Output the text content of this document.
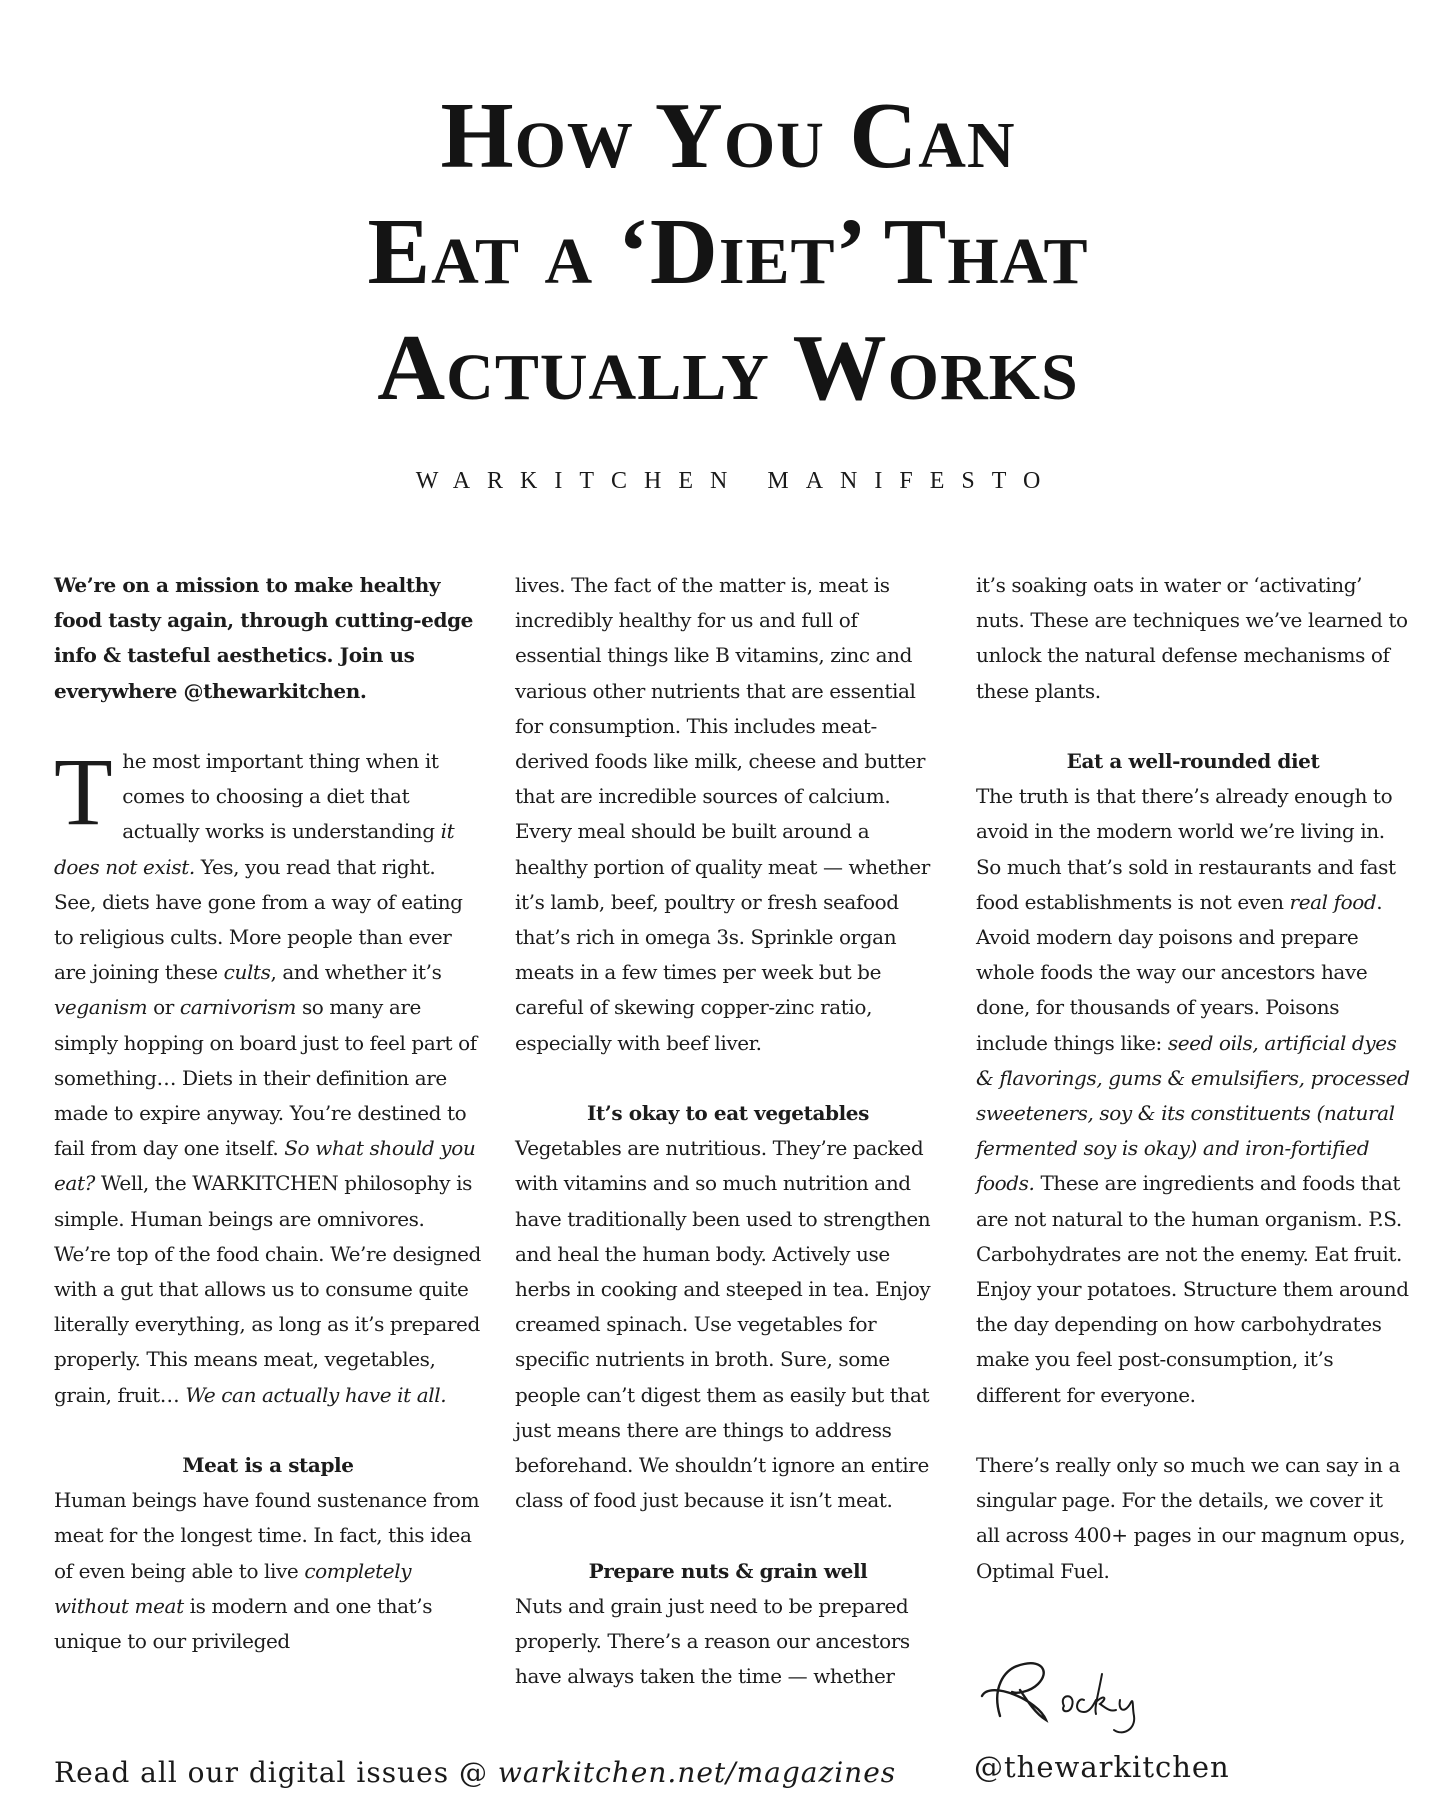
How You Can
Eat a ‘Diet’ That
Actually Works
WARKITCHEN MANIFESTO

We’re on a mission to make healthy food tasty again, through cutting-edge info & tasteful aesthetics. Join us everywhere @thewarkitchen.

The most important thing when it comes to choosing a diet that actually works is understanding it does not exist. Yes, you read that right. See, diets have gone from a way of eating to religious cults. More people than ever are joining these cults, and whether it’s veganism or carnivorism so many are simply hopping on board just to feel part of something… Diets in their definition are made to expire anyway. You’re destined to fail from day one itself. So what should you eat? Well, the WARKITCHEN philosophy is simple. Human beings are omnivores. We’re top of the food chain. We’re designed with a gut that allows us to consume quite literally everything, as long as it’s prepared properly. This means meat, vegetables, grain, fruit… We can actually have it all.

Meat is a staple

Human beings have found sustenance from meat for the longest time. In fact, this idea of even being able to live completely without meat is modern and one that’s unique to our privileged

lives. The fact of the matter is, meat is incredibly healthy for us and full of essential things like B vitamins, zinc and various other nutrients that are essential for consumption. This includes meat-derived foods like milk, cheese and butter that are incredible sources of calcium. Every meal should be built around a healthy portion of quality meat — whether it’s lamb, beef, poultry or fresh seafood that’s rich in omega 3s. Sprinkle organ meats in a few times per week but be careful of skewing copper-zinc ratio, especially with beef liver.

It’s okay to eat vegetables

Vegetables are nutritious. They’re packed with vitamins and so much nutrition and have traditionally been used to strengthen and heal the human body. Actively use herbs in cooking and steeped in tea. Enjoy creamed spinach. Use vegetables for specific nutrients in broth. Sure, some people can’t digest them as easily but that just means there are things to address beforehand. We shouldn’t ignore an entire class of food just because it isn’t meat.

Prepare nuts & grain well

Nuts and grain just need to be prepared properly. There’s a reason our ancestors have always taken the time — whether

it’s soaking oats in water or ‘activating’ nuts. These are techniques we’ve learned to unlock the natural defense mechanisms of these plants.

Eat a well-rounded diet

The truth is that there’s already enough to avoid in the modern world we’re living in. So much that’s sold in restaurants and fast food establishments is not even real food. Avoid modern day poisons and prepare whole foods the way our ancestors have done, for thousands of years. Poisons include things like: seed oils, artificial dyes & flavorings, gums & emulsifiers, processed sweeteners, soy & its constituents (natural fermented soy is okay) and iron-fortified foods. These are ingredients and foods that are not natural to the human organism. P.S. Carbohydrates are not the enemy. Eat fruit. Enjoy your potatoes. Structure them around the day depending on how carbohydrates make you feel post-consumption, it’s different for everyone.

There’s really only so much we can say in a singular page. For the details, we cover it all across 400+ pages in our magnum opus, Optimal Fuel.

Read all our digital issues @ warkitchen.net/magazines	@thewarkitchen
